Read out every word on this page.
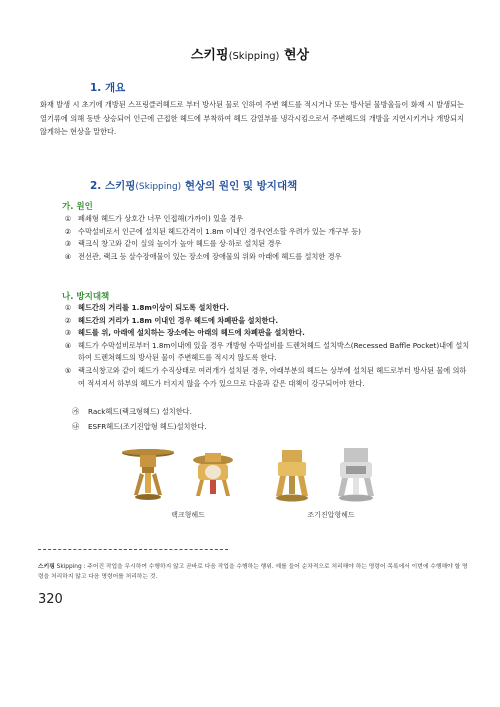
스키핑(Skipping) 현상
1. 개요
화재 발생 시 초기에 개방된 스프링클러헤드로 부터 방사된 물로 인하여 주변 헤드를 적시거나 또는 방사된 물방울들이 화재 시 발생되는 열기류에 의해 동반 상승되어 인근에 근접한 헤드에 부착하여 헤드 감열부를 냉각시킴으로서 주변헤드의 개방을 지연시키거나 개방되지 않게하는 현상을 말한다.
2. 스키핑(Skipping) 현상의 원인 및 방지대책
가. 원인
① 폐쇄형 헤드가 상호간 너무 인접해(가까이) 있을 경우
② 수막설비로서 인근에 설치된 헤드간격이 1.8m 이내인 경우(연소할 우려가 있는 개구부 등)
③ 랙크식 창고와 같이 실의 높이가 높아 헤드를 상·하로 설치된 경우
④ 전선관, 랙크 등 살수장애물이 있는 장소에 장애물의 위와 아래에 헤드를 설치한 경우
나. 방지대책
① 헤드간의 거리를 1.8m이상이 되도록 설치한다.
② 헤드간의 거리가 1.8m 이내인 경우 헤드에 차폐판을 설치한다.
③ 헤드를 위, 아래에 설치하는 장소에는 아래의 헤드에 차폐판을 설치한다.
④ 헤드가 수막설비로부터 1.8m이내에 있을 경우 개방형 수막설비를 드렌쳐헤드 설치박스(Recessed Baffle Pocket)내에 설치하여 드렌쳐헤드의 방사된 물이 주변헤드를 적시지 않도록 한다.
⑤ 랙크식창고와 같이 헤드가 수직상태로 여러개가 설치된 경우, 아래부분의 헤드는 상부에 설치된 헤드로부터 방사된 물에 의하여 적셔져서 하부의 헤드가 터지지 않을 수가 있으므로 다음과 같은 대책이 강구되어야 한다.
㉮ Rack헤드(랙크형헤드) 설치한다.
㉯ ESFR헤드(조기진압형 헤드)설치한다.
랙크형헤드	조기진압형헤드
스키핑 Skipping : 주어진 작업을 무시하여 수행하지 않고 곧바로 다음 작업을 수행하는 행위. 예를 들어 순차적으로 처리해야 하는 명령어 목록에서 이번에 수행해야 할 명령을 처리하지 않고 다음 명령어를 처리하는 것.
320
